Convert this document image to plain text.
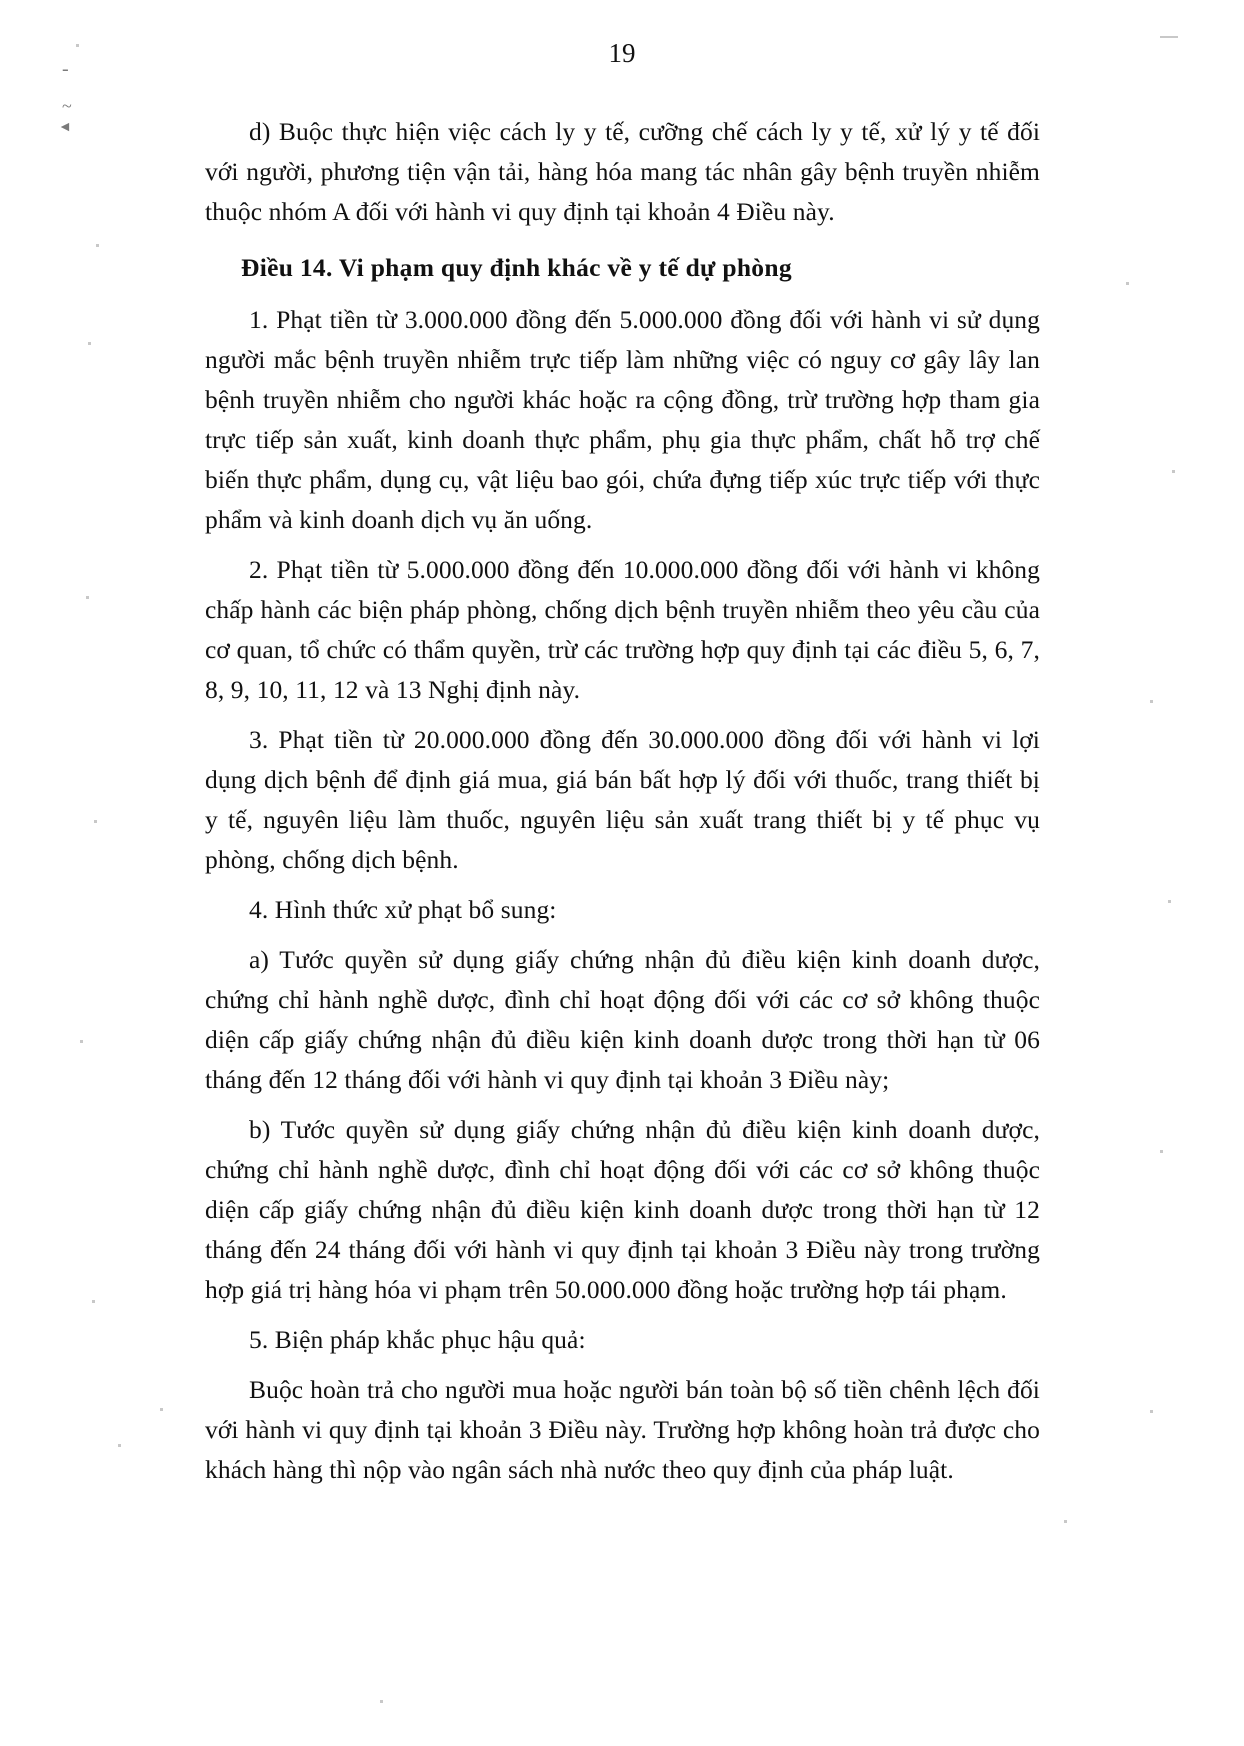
19
-
~
◄	d) Buộc thực hiện việc cách ly y tế, cưỡng chế cách ly y tế, xử lý y tế đối với người, phương tiện vận tải, hàng hóa mang tác nhân gây bệnh truyền nhiễm thuộc nhóm A đối với hành vi quy định tại khoản 4 Điều này.

Điều 14. Vi phạm quy định khác về y tế dự phòng

1. Phạt tiền từ 3.000.000 đồng đến 5.000.000 đồng đối với hành vi sử dụng người mắc bệnh truyền nhiễm trực tiếp làm những việc có nguy cơ gây lây lan bệnh truyền nhiễm cho người khác hoặc ra cộng đồng, trừ trường hợp tham gia trực tiếp sản xuất, kinh doanh thực phẩm, phụ gia thực phẩm, chất hỗ trợ chế biến thực phẩm, dụng cụ, vật liệu bao gói, chứa đựng tiếp xúc trực tiếp với thực phẩm và kinh doanh dịch vụ ăn uống.

2. Phạt tiền từ 5.000.000 đồng đến 10.000.000 đồng đối với hành vi không chấp hành các biện pháp phòng, chống dịch bệnh truyền nhiễm theo yêu cầu của cơ quan, tổ chức có thẩm quyền, trừ các trường hợp quy định tại các điều 5, 6, 7, 8, 9, 10, 11, 12 và 13 Nghị định này.

3. Phạt tiền từ 20.000.000 đồng đến 30.000.000 đồng đối với hành vi lợi dụng dịch bệnh để định giá mua, giá bán bất hợp lý đối với thuốc, trang thiết bị y tế, nguyên liệu làm thuốc, nguyên liệu sản xuất trang thiết bị y tế phục vụ phòng, chống dịch bệnh.

4. Hình thức xử phạt bổ sung:

a) Tước quyền sử dụng giấy chứng nhận đủ điều kiện kinh doanh dược, chứng chỉ hành nghề dược, đình chỉ hoạt động đối với các cơ sở không thuộc diện cấp giấy chứng nhận đủ điều kiện kinh doanh dược trong thời hạn từ 06 tháng đến 12 tháng đối với hành vi quy định tại khoản 3 Điều này;

b) Tước quyền sử dụng giấy chứng nhận đủ điều kiện kinh doanh dược, chứng chỉ hành nghề dược, đình chỉ hoạt động đối với các cơ sở không thuộc diện cấp giấy chứng nhận đủ điều kiện kinh doanh dược trong thời hạn từ 12 tháng đến 24 tháng đối với hành vi quy định tại khoản 3 Điều này trong trường hợp giá trị hàng hóa vi phạm trên 50.000.000 đồng hoặc trường hợp tái phạm.

5. Biện pháp khắc phục hậu quả:

Buộc hoàn trả cho người mua hoặc người bán toàn bộ số tiền chênh lệch đối với hành vi quy định tại khoản 3 Điều này. Trường hợp không hoàn trả được cho khách hàng thì nộp vào ngân sách nhà nước theo quy định của pháp luật.
